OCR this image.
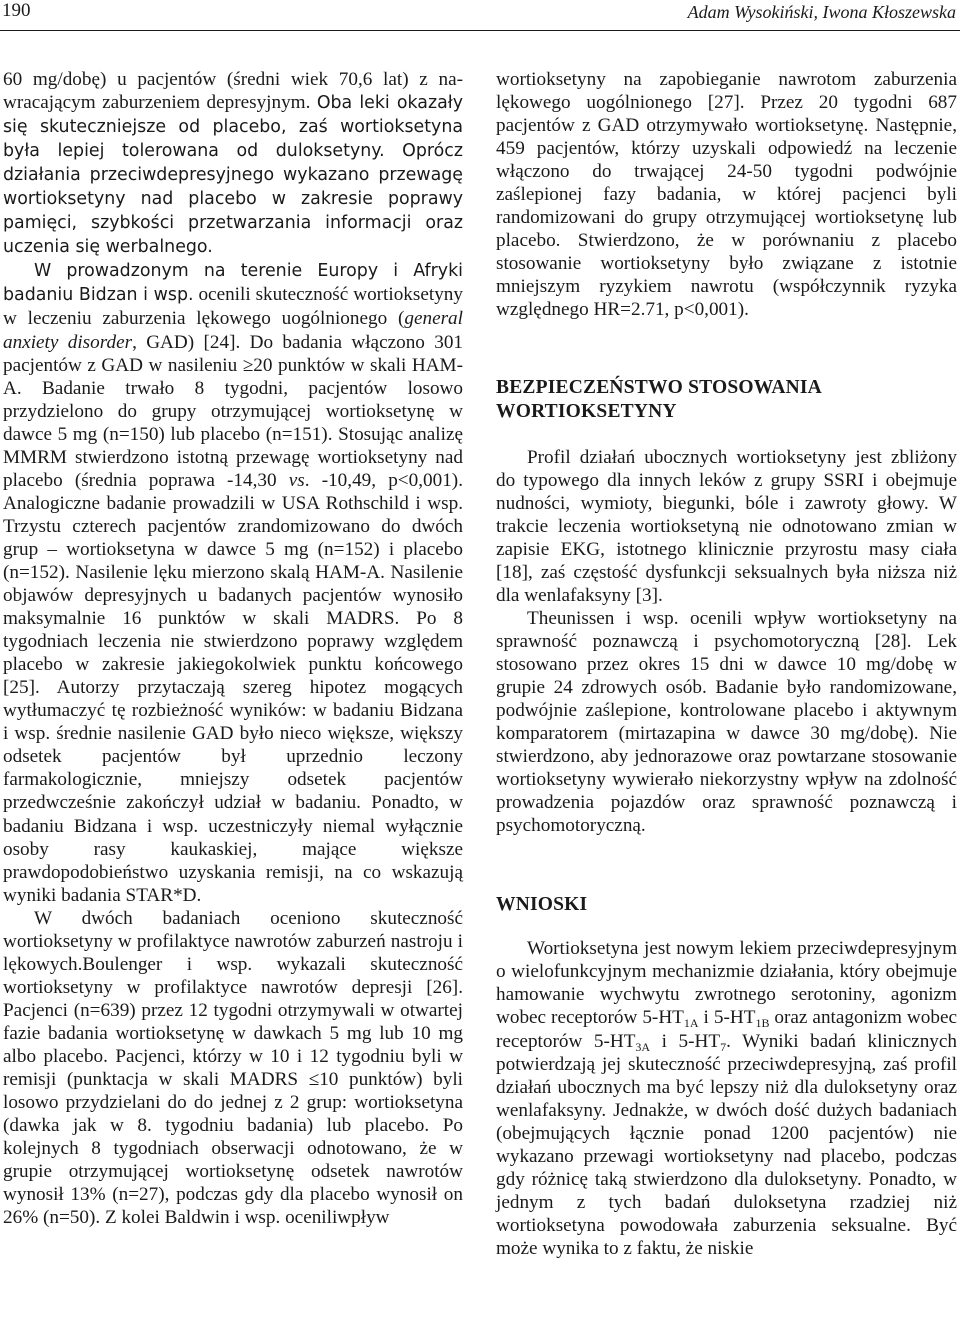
190	Adam Wysokiński, Iwona Kłoszewska

60 mg/dobę) u pacjentów (średni wiek 70,6 lat) z nawracającym zaburzeniem depresyjnym. Oba leki okazały się skuteczniejsze od placebo, zaś wortioksetyna była lepiej tolerowana od duloksetyny. Oprócz działania przeciwdepresyjnego wykazano przewagę wortioksetyny nad placebo w zakresie poprawy pamięci, szybkości przetwarzania informacji oraz uczenia się werbalnego.

W prowadzonym na terenie Europy i Afryki badaniu Bidzan i wsp. ocenili skuteczność wortioksetyny w leczeniu zaburzenia lękowego uogólnionego (general anxiety disorder, GAD) [24]. Do badania włączono 301 pacjentów z GAD w nasileniu ≥20 punktów w skali HAM-A. Badanie trwało 8 tygodni, pacjentów losowo przydzielono do grupy otrzymującej wortioksetynę w dawce 5 mg (n=150) lub placebo (n=151). Stosując analizę MMRM stwierdzono istotną przewagę wortioksetyny nad placebo (średnia poprawa -14,30 vs. -10,49, p<0,001). Analogiczne badanie prowadzili w USA Rothschild i wsp. Trzystu czterech pacjentów zrandomizowano do dwóch grup – wortioksetyna w dawce 5 mg (n=152) i placebo (n=152). Nasilenie lęku mierzono skalą HAM-A. Nasilenie objawów depresyjnych u badanych pacjentów wynosiło maksymalnie 16 punktów w skali MADRS. Po 8 tygodniach leczenia nie stwierdzono poprawy względem placebo w zakresie jakiegokolwiek punktu końcowego [25]. Autorzy przytaczają szereg hipotez mogących wytłumaczyć tę rozbieżność wyników: w badaniu Bidzana i wsp. średnie nasilenie GAD było nieco większe, większy odsetek pacjentów był uprzednio leczony farmakologicznie, mniejszy odsetek pacjentów przedwcześnie zakończył udział w badaniu. Ponadto, w badaniu Bidzana i wsp. uczestniczyły niemal wyłącznie osoby rasy kaukaskiej, mające większe prawdopodobieństwo uzyskania remisji, na co wskazują wyniki badania STAR*D.

W dwóch badaniach oceniono skuteczność wortioksetyny w profilaktyce nawrotów zaburzeń nastroju i lękowych.Boulenger i wsp. wykazali skuteczność wortioksetyny w profilaktyce nawrotów depresji [26]. Pacjenci (n=639) przez 12 tygodni otrzymywali w otwartej fazie badania wortioksetynę w dawkach 5 mg lub 10 mg albo placebo. Pacjenci, którzy w 10 i 12 tygodniu byli w remisji (punktacja w skali MADRS ≤10 punktów) byli losowo przydzielani do do jednej z 2 grup: wortioksetyna (dawka jak w 8. tygodniu badania) lub placebo. Po kolejnych 8 tygodniach obserwacji odnotowano, że w grupie otrzymującej wortioksetynę odsetek nawrotów wynosił 13% (n=27), podczas gdy dla placebo wynosił on 26% (n=50). Z kolei Baldwin i wsp. oceniliwpływ

wortioksetyny na zapobieganie nawrotom zaburzenia lękowego uogólnionego [27]. Przez 20 tygodni 687 pacjentów z GAD otrzymywało wortioksetynę. Następnie, 459 pacjentów, którzy uzyskali odpowiedź na leczenie włączono do trwającej 24-50 tygodni podwójnie zaślepionej fazy badania, w której pacjenci byli randomizowani do grupy otrzymującej wortioksetynę lub placebo. Stwierdzono, że w porównaniu z placebo stosowanie wortioksetyny było związane z istotnie mniejszym ryzykiem nawrotu (współczynnik ryzyka względnego HR=2.71, p<0,001).

BEZPIECZEŃSTWO STOSOWANIA WORTIOKSETYNY

Profil działań ubocznych wortioksetyny jest zbliżony do typowego dla innych leków z grupy SSRI i obejmuje nudności, wymioty, biegunki, bóle i zawroty głowy. W trakcie leczenia wortioksetyną nie odnotowano zmian w zapisie EKG, istotnego klinicznie przyrostu masy ciała [18], zaś częstość dysfunkcji seksualnych była niższa niż dla wenlafaksyny [3].

Theunissen i wsp. ocenili wpływ wortioksetyny na sprawność poznawczą i psychomotoryczną [28]. Lek stosowano przez okres 15 dni w dawce 10 mg/dobę w grupie 24 zdrowych osób. Badanie było randomizowane, podwójnie zaślepione, kontrolowane placebo i aktywnym komparatorem (mirtazapina w dawce 30 mg/dobę). Nie stwierdzono, aby jednorazowe oraz powtarzane stosowanie wortioksetyny wywierało niekorzystny wpływ na zdolność prowadzenia pojazdów oraz sprawność poznawczą i psychomotoryczną.

WNIOSKI

Wortioksetyna jest nowym lekiem przeciwdepresyjnym o wielofunkcyjnym mechanizmie działania, który obejmuje hamowanie wychwytu zwrotnego serotoniny, agonizm wobec receptorów $5-HT_{1A}$ i $5-HT_{1B}$ oraz antagonizm wobec receptorów $5-HT_{3A}$ i $5-HT_7$. Wyniki badań klinicznych potwierdzają jej skuteczność przeciwdepresyjną, zaś profil działań ubocznych ma być lepszy niż dla duloksetyny oraz wenlafaksyny. Jednakże, w dwóch dość dużych badaniach (obejmujących łącznie ponad 1200 pacjentów) nie wykazano przewagi wortioksetyny nad placebo, podczas gdy różnicę taką stwierdzono dla duloksetyny. Ponadto, w jednym z tych badań duloksetyna rzadziej niż wortioksetyna powodowała zaburzenia seksualne. Być może wynika to z faktu, że niskie
